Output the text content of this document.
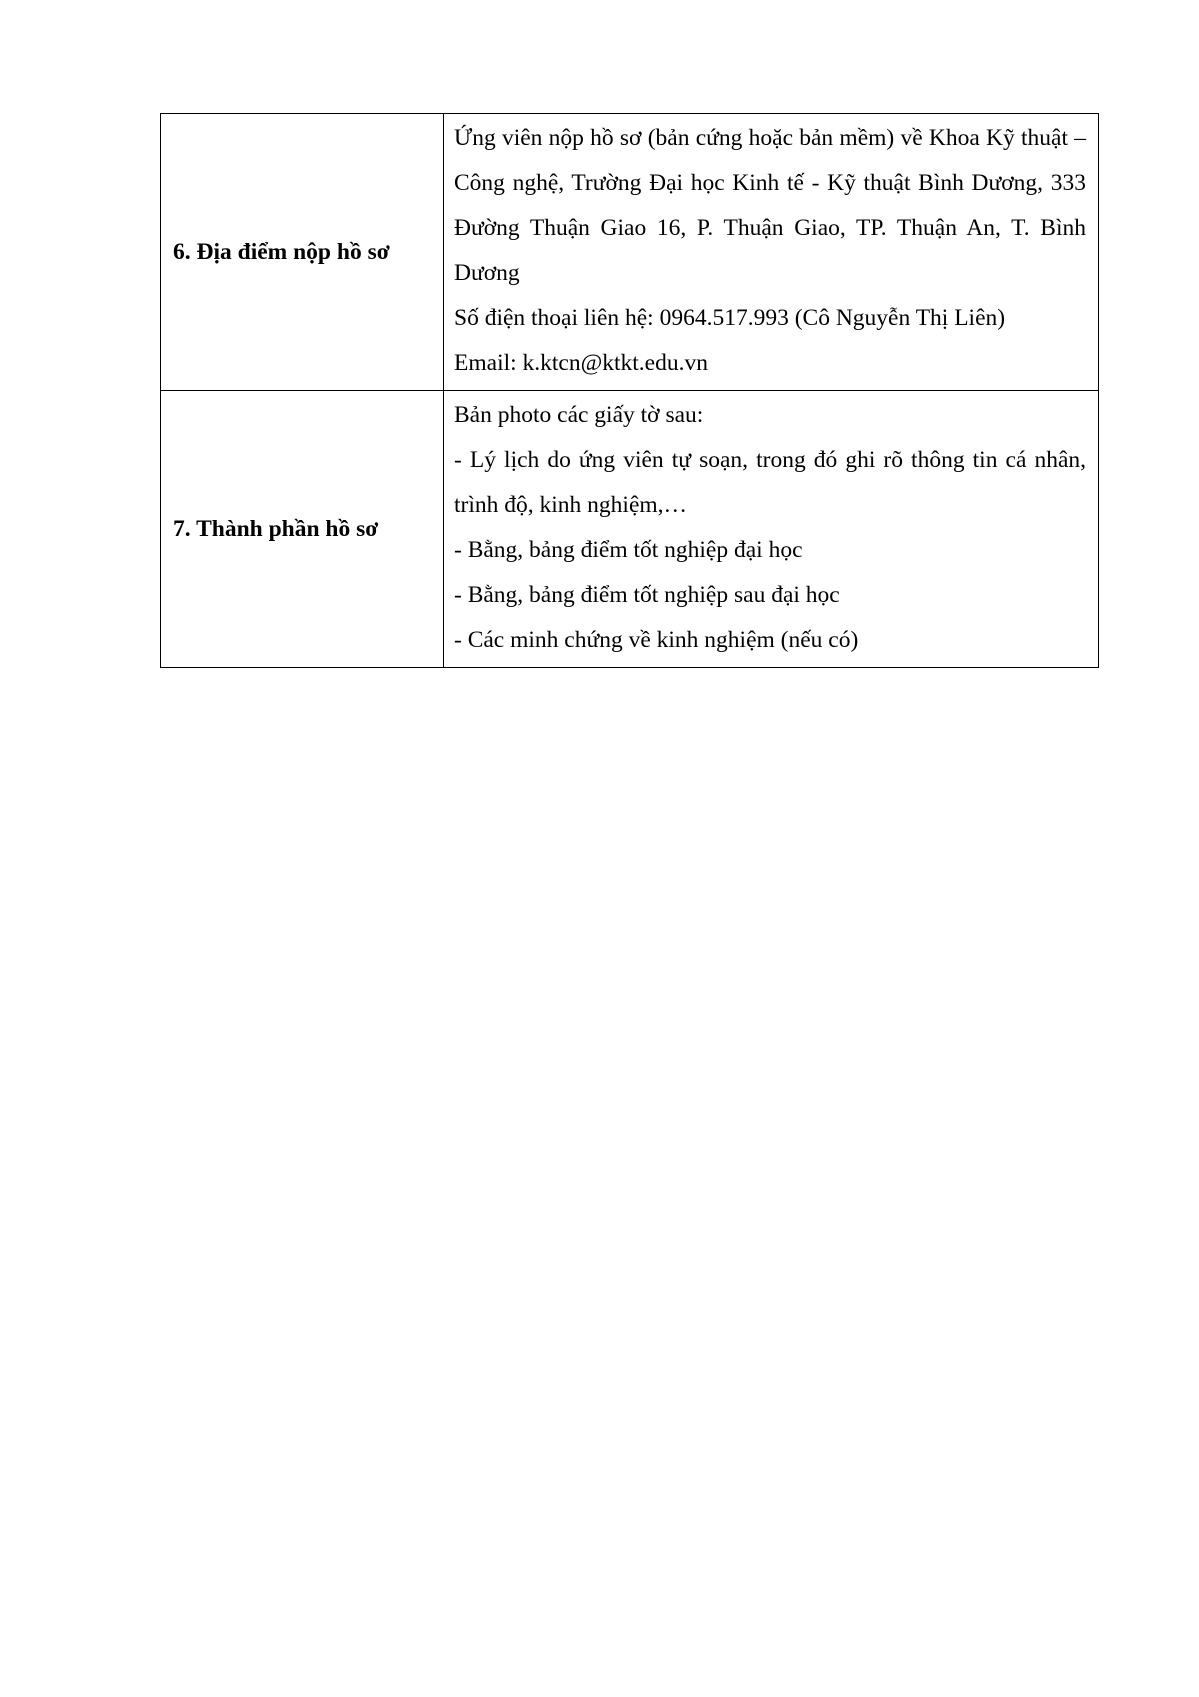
6. Địa điểm nộp hồ sơ	Ứng viên nộp hồ sơ (bản cứng hoặc bản mềm) về Khoa Kỹ thuật – Công nghệ, Trường Đại học Kinh tế - Kỹ thuật Bình Dương, 333 Đường Thuận Giao 16, P. Thuận Giao, TP. Thuận An, T. Bình Dương
Số điện thoại liên hệ: 0964.517.993 (Cô Nguyễn Thị Liên)
Email: k.ktcn@ktkt.edu.vn

7. Thành phần hồ sơ	Bản photo các giấy tờ sau:
- Lý lịch do ứng viên tự soạn, trong đó ghi rõ thông tin cá nhân, trình độ, kinh nghiệm,…
- Bằng, bảng điểm tốt nghiệp đại học
- Bằng, bảng điểm tốt nghiệp sau đại học
- Các minh chứng về kinh nghiệm (nếu có)
